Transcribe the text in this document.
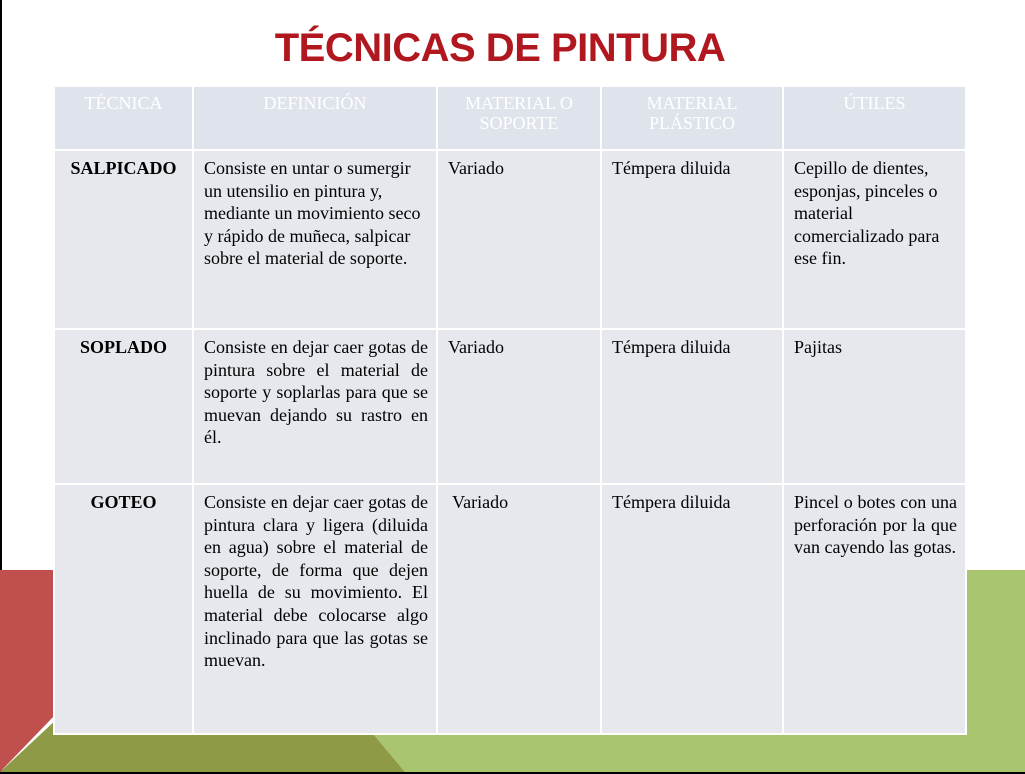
TÉCNICAS DE PINTURA
TÉCNICA	DEFINICIÓN	MATERIAL O SOPORTE	MATERIAL PLÁSTICO	ÚTILES
SALPICADO	Consiste en untar o sumergir un utensilio en pintura y, mediante un movimiento seco y rápido de muñeca, salpicar sobre el material de soporte.	Variado	Témpera diluida	Cepillo de dientes, esponjas, pinceles o material comercializado para ese fin.
SOPLADO	Consiste en dejar caer gotas de pintura sobre el material de soporte y soplarlas para que se muevan dejando su rastro en él.	Variado	Témpera diluida	Pajitas
GOTEO	Consiste en dejar caer gotas de pintura clara y ligera (diluida en agua) sobre el material de soporte, de forma que dejen huella de su movimiento. El material debe colocarse algo inclinado para que las gotas se muevan.	Variado	Témpera diluida	Pincel o botes con una perforación por la que van cayendo las gotas.
